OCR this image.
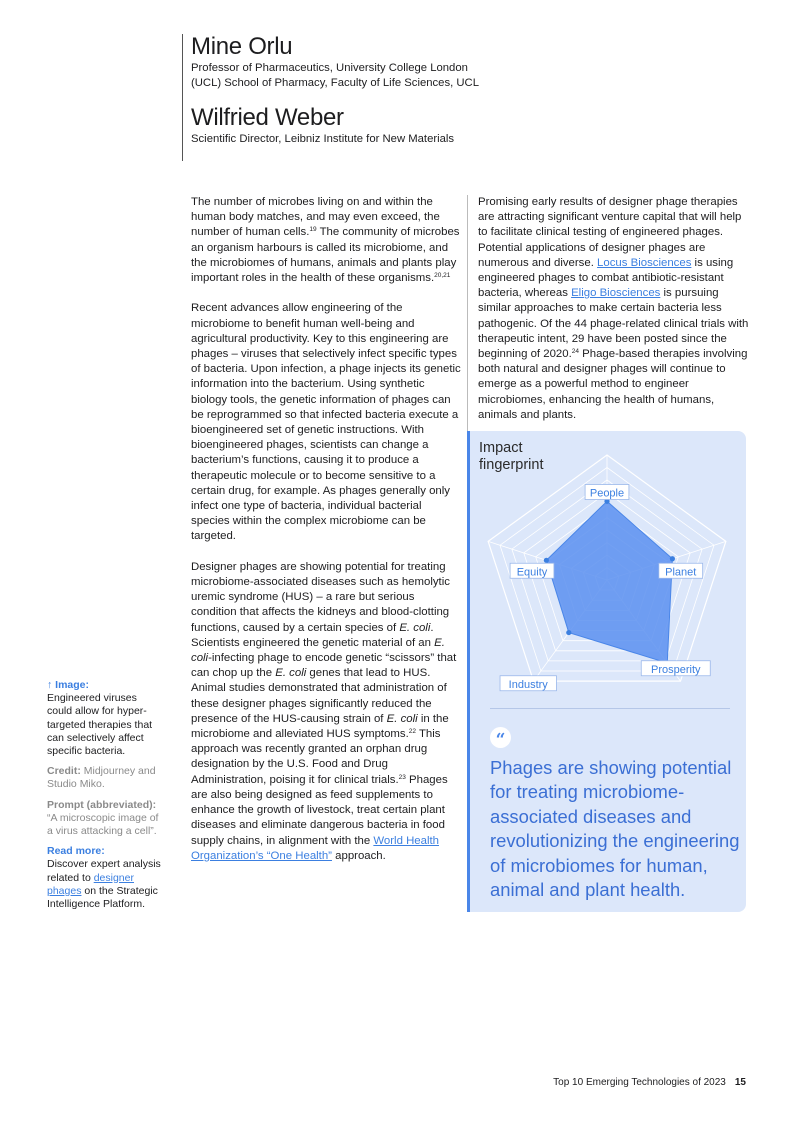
Mine Orlu
Professor of Pharmaceutics, University College London (UCL) School of Pharmacy, Faculty of Life Sciences, UCL
Wilfried Weber
Scientific Director, Leibniz Institute for New Materials

The number of microbes living on and within the human body matches, and may even exceed, the number of human cells.$^{19}$ The community of microbes an organism harbours is called its microbiome, and the microbiomes of humans, animals and plants play important roles in the health of these organisms.$^{20,21}$

Recent advances allow engineering of the microbiome to benefit human well-being and agricultural productivity. Key to this engineering are phages – viruses that selectively infect specific types of bacteria. Upon infection, a phage injects its genetic information into the bacterium. Using synthetic biology tools, the genetic information of phages can be reprogrammed so that infected bacteria execute a bioengineered set of genetic instructions. With bioengineered phages, scientists can change a bacterium’s functions, causing it to produce a therapeutic molecule or to become sensitive to a certain drug, for example. As phages generally only infect one type of bacteria, individual bacterial species within the complex microbiome can be targeted.

Designer phages are showing potential for treating microbiome-associated diseases such as hemolytic uremic syndrome (HUS) – a rare but serious condition that affects the kidneys and blood-clotting functions, caused by a certain species of E. coli. Scientists engineered the genetic material of an E. coli-infecting phage to encode genetic “scissors” that can chop up the E. coli genes that lead to HUS. Animal studies demonstrated that administration of these designer phages significantly reduced the presence of the HUS-causing strain of E. coli in the microbiome and alleviated HUS symptoms.$^{22}$ This approach was recently granted an orphan drug designation by the U.S. Food and Drug Administration, poising it for clinical trials.$^{23}$ Phages are also being designed as feed supplements to enhance the growth of livestock, treat certain plant diseases and eliminate dangerous bacteria in food supply chains, in alignment with the World Health Organization’s “One Health” approach.

Promising early results of designer phage therapies are attracting significant venture capital that will help to facilitate clinical testing of engineered phages. Potential applications of designer phages are numerous and diverse. Locus Biosciences is using engineered phages to combat antibiotic-resistant bacteria, whereas Eligo Biosciences is pursuing similar approaches to make certain bacteria less pathogenic. Of the 44 phage-related clinical trials with therapeutic intent, 29 have been posted since the beginning of 2020.24 Phage-based therapies involving both natural and designer phages will continue to emerge as a powerful method to engineer microbiomes, enhancing the health of humans, animals and plants.

↑ Image:
Engineered viruses could allow for hyper-targeted therapies that can selectively affect specific bacteria.
Credit: Midjourney and Studio Miko.
Prompt (abbreviated):
“A microscopic image of a virus attacking a cell”.
Read more:
Discover expert analysis related to designer phages on the Strategic Intelligence Platform.
People
Planet
Prosperity
Industry
Equity
Impact fingerprint
“
Phages are showing potential for treating microbiome-associated diseases and revolutionizing the engineering of microbiomes for human, animal and plant health.
Top 10 Emerging Technologies of 2023 15
